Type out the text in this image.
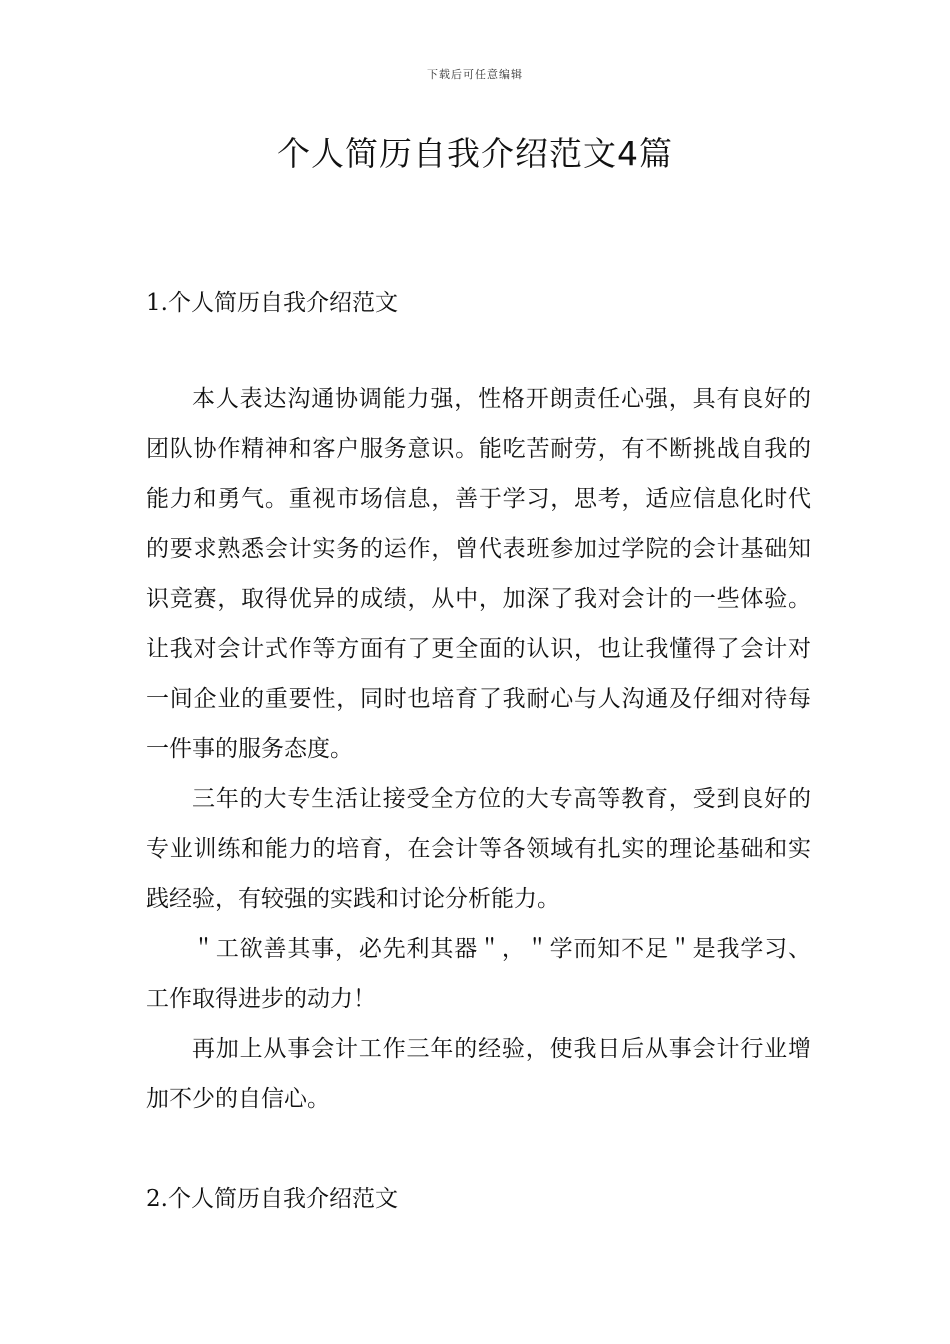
下载后可任意编辑
个人简历自我介绍范文4篇
1.个人简历自我介绍范文

本人表达沟通协调能力强，性格开朗责任心强，具有良好的团队协作精神和客户服务意识。能吃苦耐劳，有不断挑战自我的能力和勇气。重视市场信息，善于学习，思考，适应信息化时代的要求熟悉会计实务的运作，曾代表班参加过学院的会计基础知识竞赛，取得优异的成绩，从中，加深了我对会计的一些体验。让我对会计式作等方面有了更全面的认识，也让我懂得了会计对一间企业的重要性，同时也培育了我耐心与人沟通及仔细对待每一件事的服务态度。

三年的大专生活让接受全方位的大专高等教育，受到良好的专业训练和能力的培育，在会计等各领域有扎实的理论基础和实践经验，有较强的实践和讨论分析能力。

＂工欲善其事，必先利其器＂，＂学而知不足＂是我学习、工作取得进步的动力！

再加上从事会计工作三年的经验，使我日后从事会计行业增加不少的自信心。

2.个人简历自我介绍范文
